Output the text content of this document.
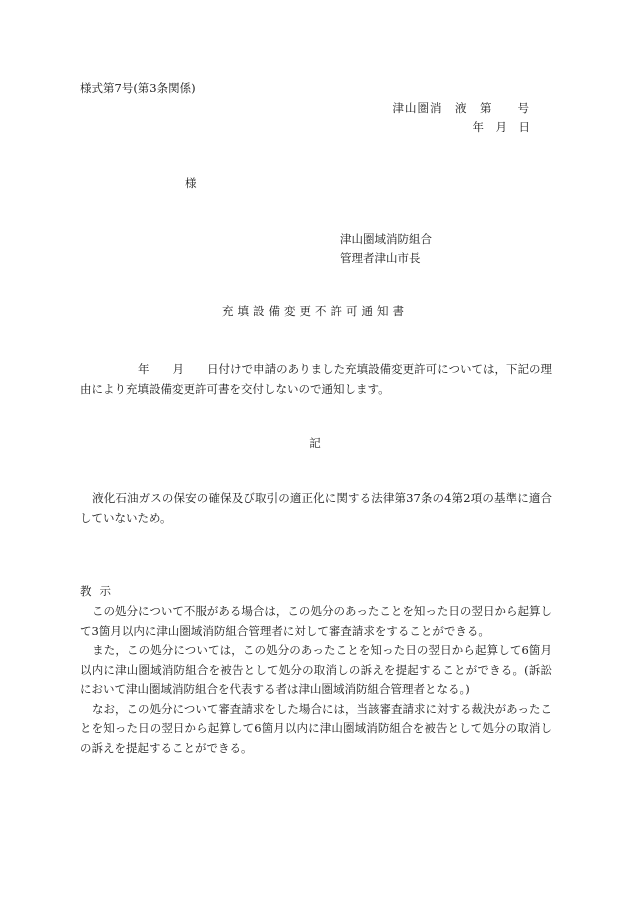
様式第7号(第3条関係)
津山圏消　液　第　　号
年　月　日
様
津山圏域消防組合
管理者津山市長
充填設備変更不許可通知書
年　　月　　日付けで申請のありました充填設備変更許可については，下記の理由により充填設備変更許可書を交付しないので通知します。
記
液化石油ガスの保安の確保及び取引の適正化に関する法律第37条の4第2項の基準に適合していないため。
教示
この処分について不服がある場合は，この処分のあったことを知った日の翌日から起算して3箇月以内に津山圏域消防組合管理者に対して審査請求をすることができる。
また，この処分については，この処分のあったことを知った日の翌日から起算して6箇月以内に津山圏域消防組合を被告として処分の取消しの訴えを提起することができる。(訴訟において津山圏域消防組合を代表する者は津山圏域消防組合管理者となる。)
なお，この処分について審査請求をした場合には，当該審査請求に対する裁決があったことを知った日の翌日から起算して6箇月以内に津山圏域消防組合を被告として処分の取消しの訴えを提起することができる。
